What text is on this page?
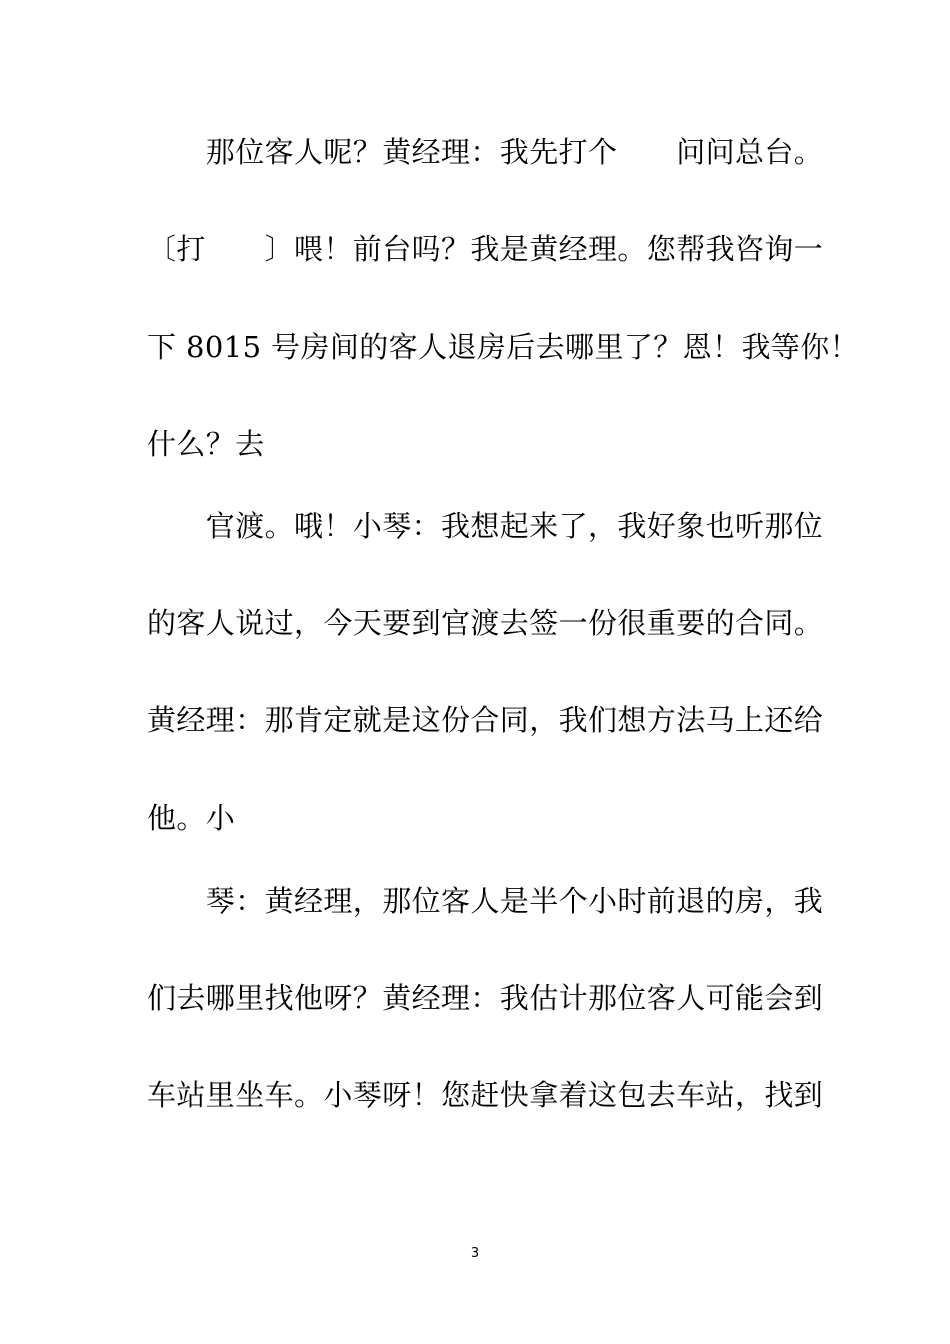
　　那位客人呢？黄经理：我先打个　　问问总台。
〔打　　〕喂！前台吗？我是黄经理。您帮我咨询一
下 8015 号房间的客人退房后去哪里了？恩！我等你！
什么？去
　　官渡。哦！小琴：我想起来了，我好象也听那位
的客人说过，今天要到官渡去签一份很重要的合同。
黄经理：那肯定就是这份合同，我们想方法马上还给
他。小
　　琴：黄经理，那位客人是半个小时前退的房，我
们去哪里找他呀？黄经理：我估计那位客人可能会到
车站里坐车。小琴呀！您赶快拿着这包去车站，找到
3
